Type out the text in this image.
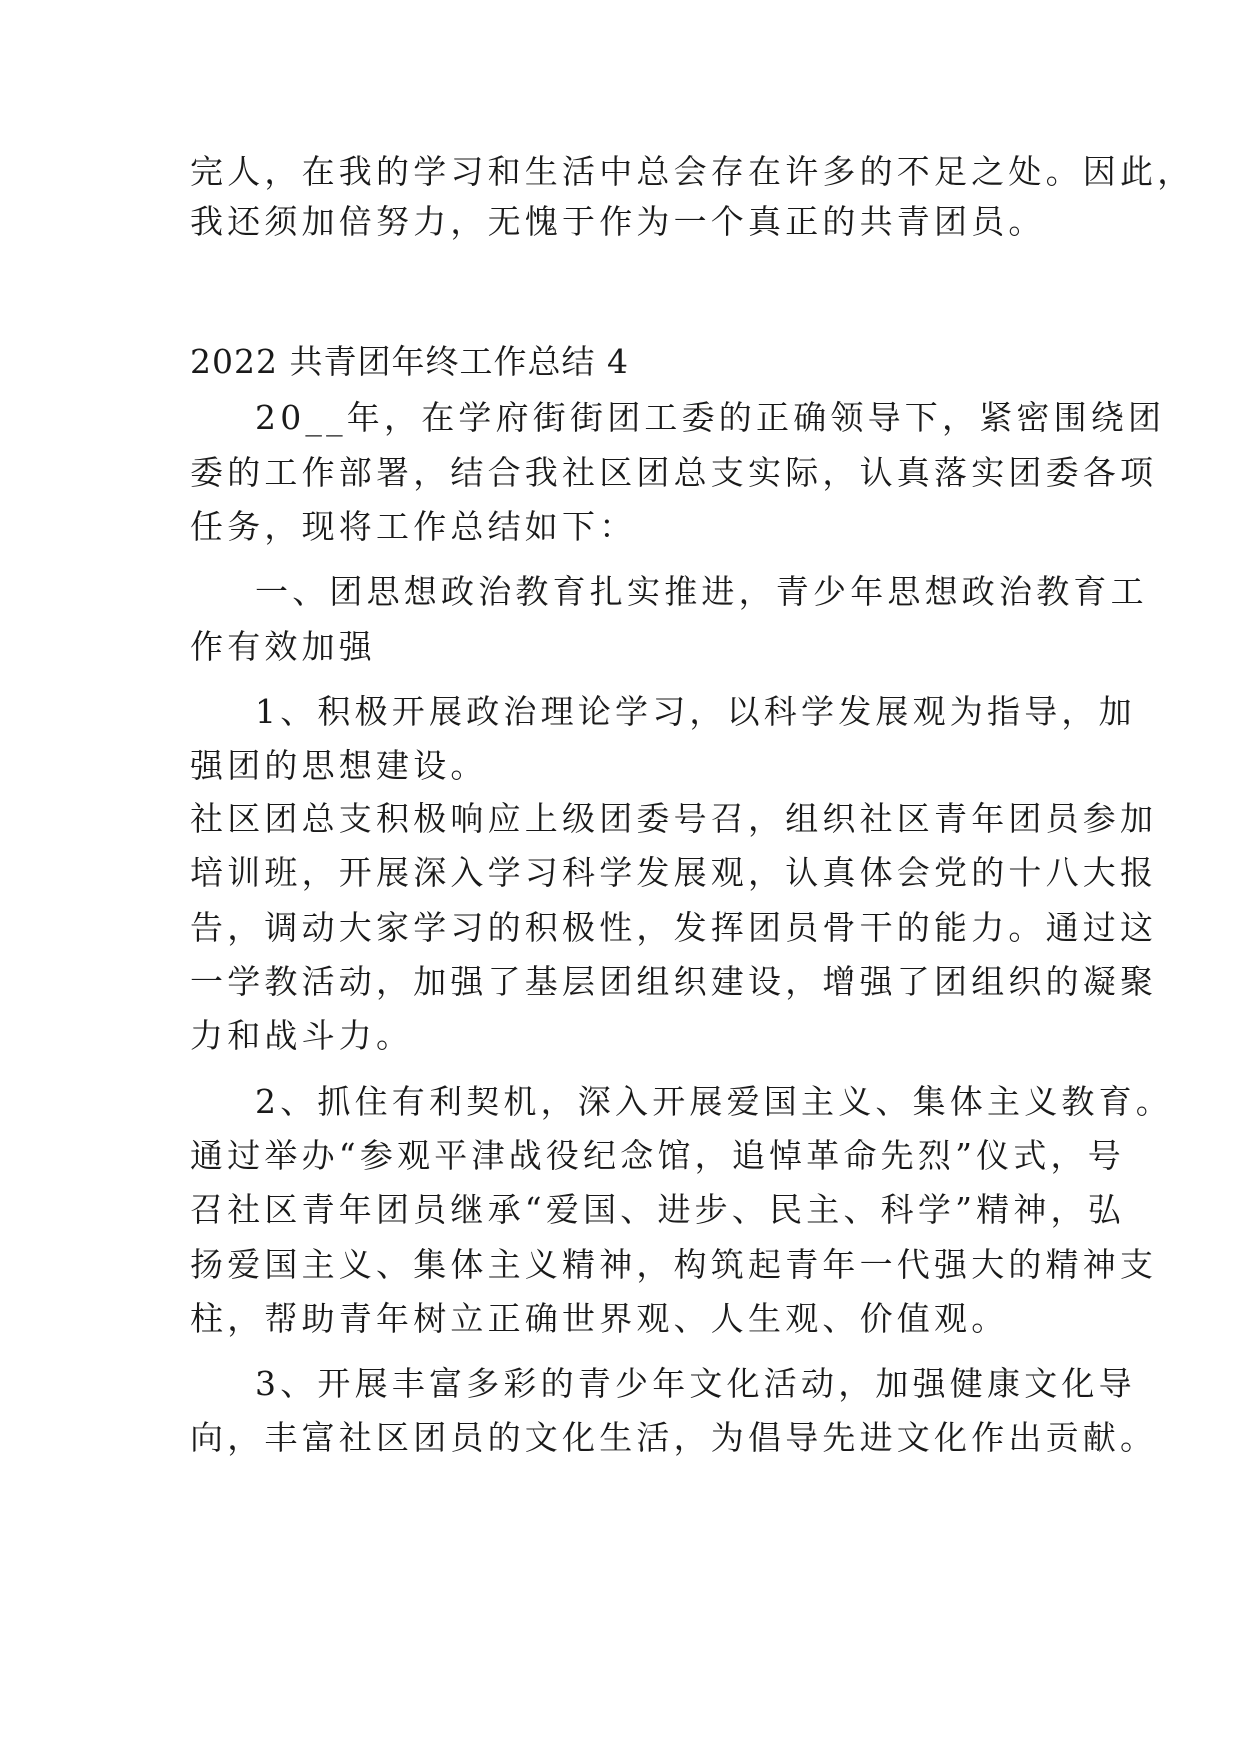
完人，在我的学习和生活中总会存在许多的不足之处。因此，
我还须加倍努力，无愧于作为一个真正的共青团员。
2022 共青团年终工作总结 4
20__年，在学府街街团工委的正确领导下，紧密围绕团
委的工作部署，结合我社区团总支实际，认真落实团委各项
任务，现将工作总结如下：
一、团思想政治教育扎实推进，青少年思想政治教育工
作有效加强
1、积极开展政治理论学习，以科学发展观为指导，加
强团的思想建设。
社区团总支积极响应上级团委号召，组织社区青年团员参加
培训班，开展深入学习科学发展观，认真体会党的十八大报
告，调动大家学习的积极性，发挥团员骨干的能力。通过这
一学教活动，加强了基层团组织建设，增强了团组织的凝聚
力和战斗力。
2、抓住有利契机，深入开展爱国主义、集体主义教育。
通过举办“参观平津战役纪念馆，追悼革命先烈”仪式，号
召社区青年团员继承“爱国、进步、民主、科学”精神，弘
扬爱国主义、集体主义精神，构筑起青年一代强大的精神支
柱，帮助青年树立正确世界观、人生观、价值观。
3、开展丰富多彩的青少年文化活动，加强健康文化导
向，丰富社区团员的文化生活，为倡导先进文化作出贡献。
